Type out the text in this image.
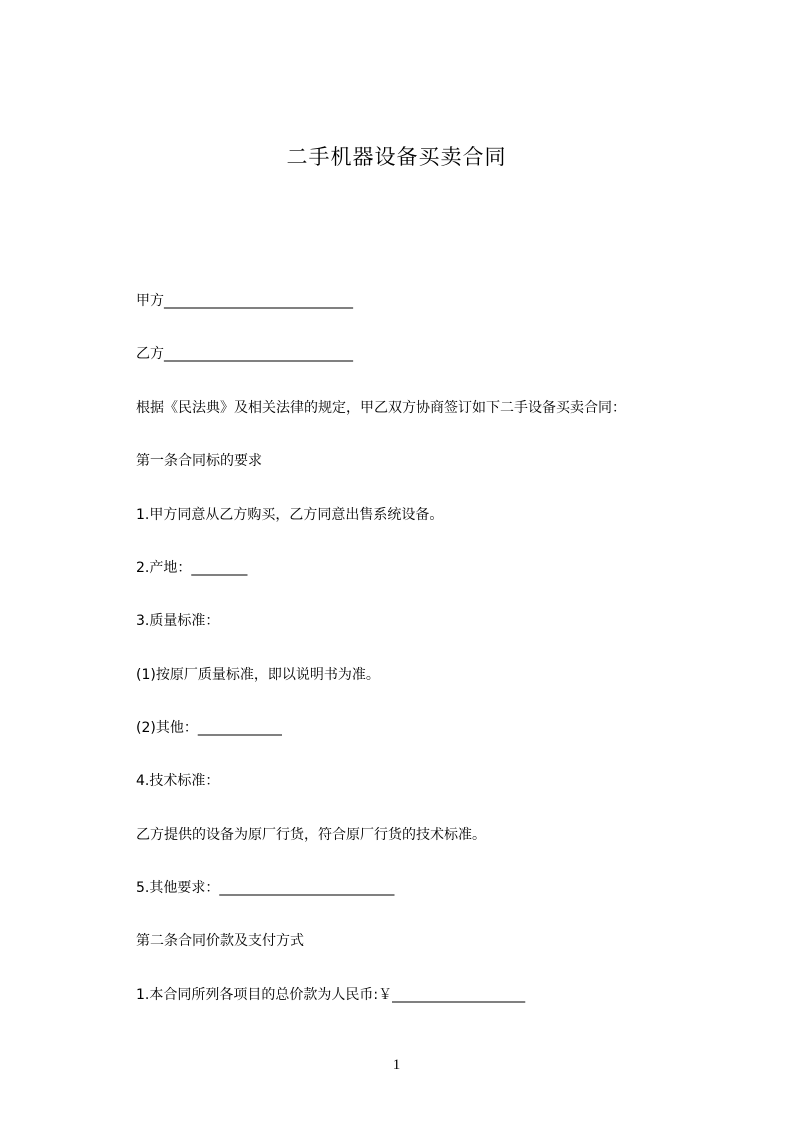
二手机器设备买卖合同
甲方___________________________
乙方___________________________
根据《民法典》及相关法律的规定，甲乙双方协商签订如下二手设备买卖合同：
第一条合同标的要求
1.甲方同意从乙方购买，乙方同意出售系统设备。
2.产地：________
3.质量标准：
(1)按原厂质量标准，即以说明书为准。
(2)其他：____________
4.技术标准：
乙方提供的设备为原厂行货，符合原厂行货的技术标准。
5.其他要求：_________________________
第二条合同价款及支付方式
1.本合同所列各项目的总价款为人民币:￥___________________
1
